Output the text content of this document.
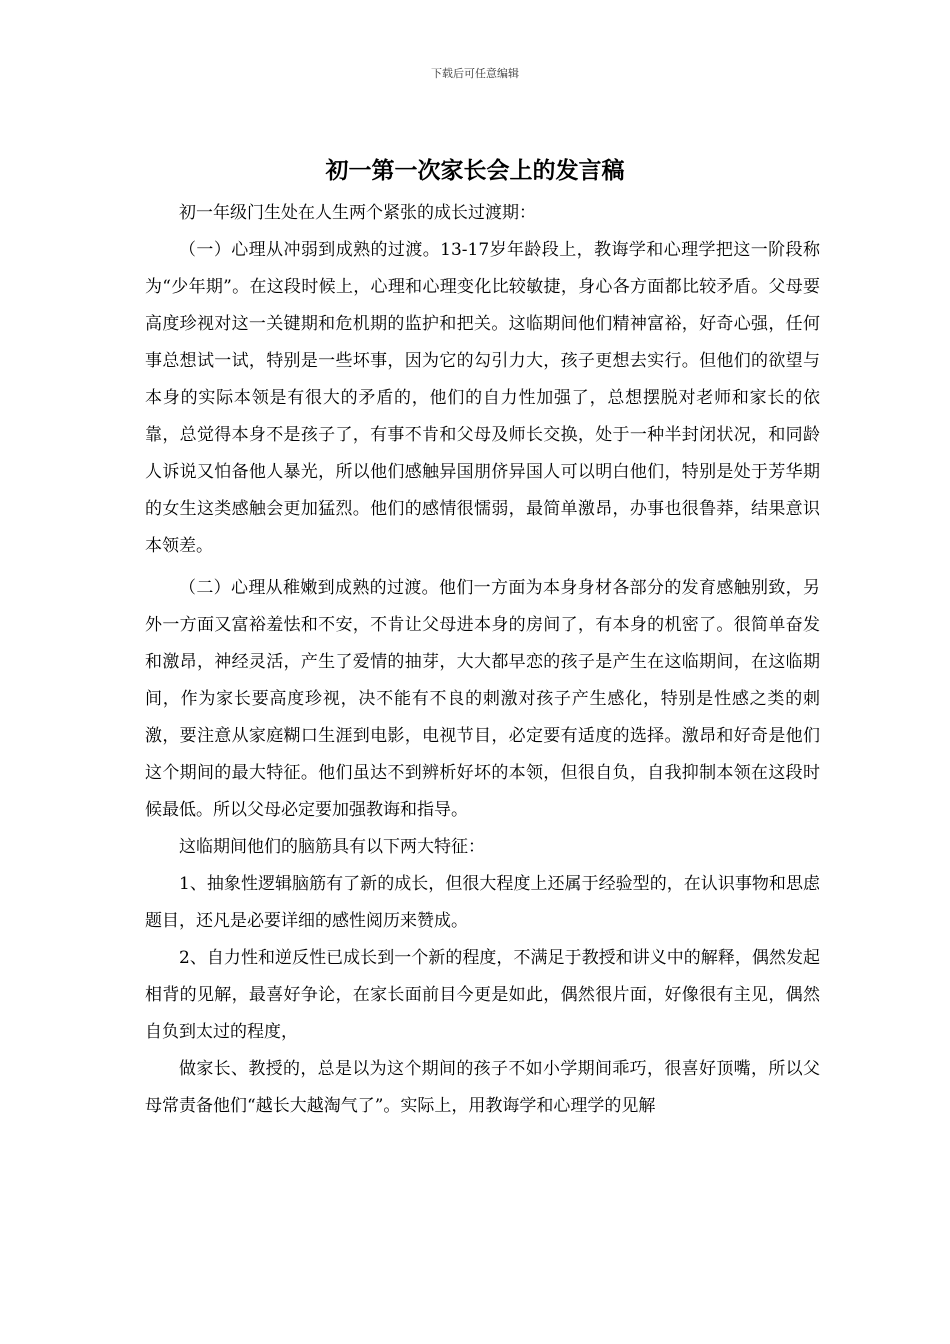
下载后可任意编辑
初一第一次家长会上的发言稿

初一年级门生处在人生两个紧张的成长过渡期：

（一）心理从冲弱到成熟的过渡。13-17岁年龄段上，教诲学和心理学把这一阶段称为“少年期”。在这段时候上，心理和心理变化比较敏捷，身心各方面都比较矛盾。父母要高度珍视对这一关键期和危机期的监护和把关。这临期间他们精神富裕，好奇心强，任何事总想试一试，特别是一些坏事，因为它的勾引力大，孩子更想去实行。但他们的欲望与本身的实际本领是有很大的矛盾的，他们的自力性加强了，总想摆脱对老师和家长的依靠，总觉得本身不是孩子了，有事不肯和父母及师长交换，处于一种半封闭状况，和同龄人诉说又怕备他人暴光，所以他们感触异国朋侪异国人可以明白他们，特别是处于芳华期的女生这类感触会更加猛烈。他们的感情很懦弱，最简单激昂，办事也很鲁莽，结果意识本领差。

（二）心理从稚嫩到成熟的过渡。他们一方面为本身身材各部分的发育感触别致，另外一方面又富裕羞怯和不安，不肯让父母进本身的房间了，有本身的机密了。很简单奋发和激昂，神经灵活，产生了爱情的抽芽，大大都早恋的孩子是产生在这临期间，在这临期间，作为家长要高度珍视，决不能有不良的刺激对孩子产生感化，特别是性感之类的刺激，要注意从家庭糊口生涯到电影，电视节目，必定要有适度的选择。激昂和好奇是他们这个期间的最大特征。他们虽达不到辨析好坏的本领，但很自负，自我抑制本领在这段时候最低。所以父母必定要加强教诲和指导。

这临期间他们的脑筋具有以下两大特征：

1、抽象性逻辑脑筋有了新的成长，但很大程度上还属于经验型的，在认识事物和思虑题目，还凡是必要详细的感性阅历来赞成。

2、自力性和逆反性已成长到一个新的程度，不满足于教授和讲义中的解释，偶然发起相背的见解，最喜好争论，在家长面前目今更是如此，偶然很片面，好像很有主见，偶然自负到太过的程度，

做家长、教授的，总是以为这个期间的孩子不如小学期间乖巧，很喜好顶嘴，所以父母常责备他们“越长大越淘气了”。实际上，用教诲学和心理学的见解
